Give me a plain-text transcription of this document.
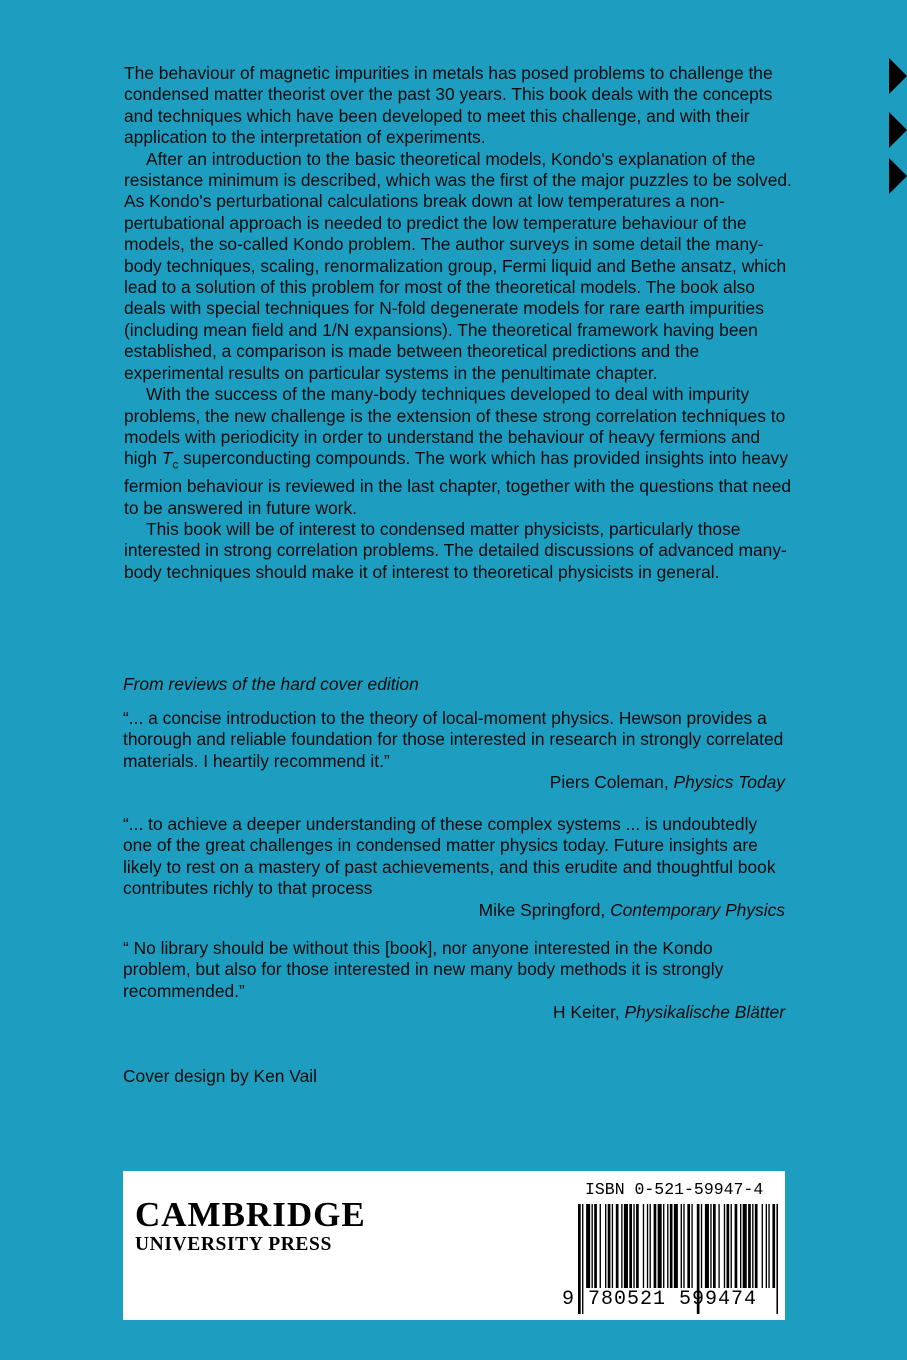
The behaviour of magnetic impurities in metals has posed problems to challenge the condensed matter theorist over the past 30 years. This book deals with the concepts and techniques which have been developed to meet this challenge, and with their application to the interpretation of experiments.

After an introduction to the basic theoretical models, Kondo's explanation of the resistance minimum is described, which was the first of the major puzzles to be solved. As Kondo's perturbational calculations break down at low temperatures a non-pertubational approach is needed to predict the low temperature behaviour of the models, the so-called Kondo problem. The author surveys in some detail the many-body techniques, scaling, renormalization group, Fermi liquid and Bethe ansatz, which lead to a solution of this problem for most of the theoretical models. The book also deals with special techniques for N-fold degenerate models for rare earth impurities (including mean field and 1/N expansions). The theoretical framework having been established, a comparison is made between theoretical predictions and the experimental results on particular systems in the penultimate chapter.

With the success of the many-body techniques developed to deal with impurity problems, the new challenge is the extension of these strong correlation techniques to models with periodicity in order to understand the behaviour of heavy fermions and high $T_c$ superconducting compounds. The work which has provided insights into heavy fermion behaviour is reviewed in the last chapter, together with the questions that need to be answered in future work.

This book will be of interest to condensed matter physicists, particularly those interested in strong correlation problems. The detailed discussions of advanced many-body techniques should make it of interest to theoretical physicists in general.

From reviews of the hard cover edition

“... a concise introduction to the theory of local-moment physics. Hewson provides a thorough and reliable foundation for those interested in research in strongly correlated materials. I heartily recommend it.”

Piers Coleman, Physics Today

“... to achieve a deeper understanding of these complex systems ... is undoubtedly one of the great challenges in condensed matter physics today. Future insights are likely to rest on a mastery of past achievements, and this erudite and thoughtful book contributes richly to that process

Mike Springford, Contemporary Physics

“ No library should be without this [book], nor anyone interested in the Kondo problem, but also for those interested in new many body methods it is strongly recommended.”

H Keiter, Physikalische Blätter

Cover design by Ken Vail
CAMBRIDGE
UNIVERSITY PRESS
ISBN 0-521-59947-4
9 780521 599474
